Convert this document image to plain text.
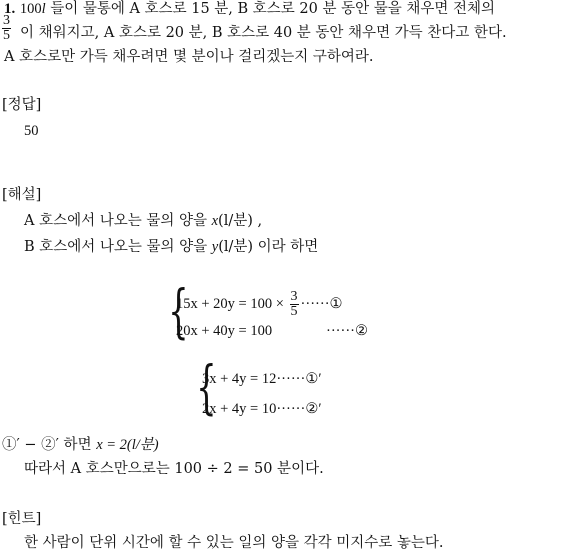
1. 100l 들이 물통에 A 호스로 15 분, B 호스로 20 분 동안 물을 채우면 전체의
$\frac{3}{5}$ 이 채워지고, A 호스로 20 분, B 호스로 40 분 동안 채우면 가득 찬다고 한다.
A 호스로만 가득 채우려면 몇 분이나 걸리겠는지 구하여라.
[정답]
50
[해설]
A 호스에서 나오는 물의 양을 x(l/분) ,
B 호스에서 나오는 물의 양을 y(l/분) 이라 하면
{
$15x + 20y = 100 \times \frac{3}{5}$ ······①
20x + 40y = 100	······②
{
3x + 4y = 12······①′
2x + 4y = 10······②′
①′ − ②′ 하면 x = 2(l/분)
따라서 A 호스만으로는 100 ÷ 2 = 50 분이다.
[힌트]
한 사람이 단위 시간에 할 수 있는 일의 양을 각각 미지수로 놓는다.
